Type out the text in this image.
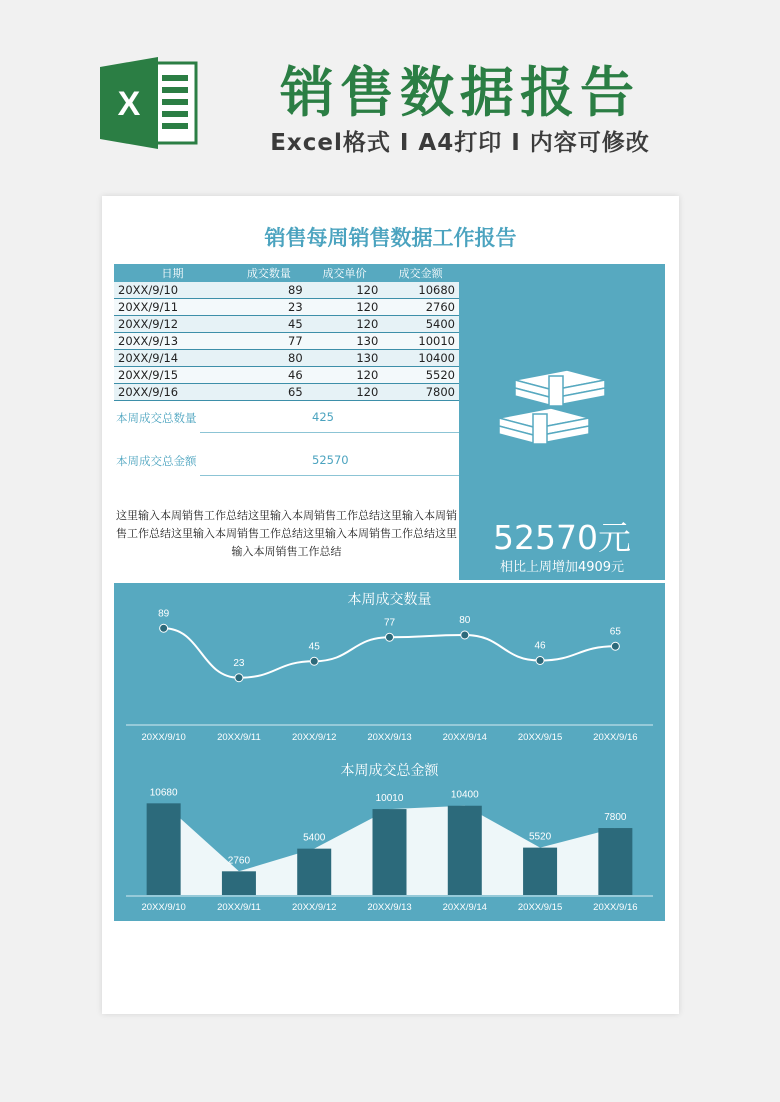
X	销售数据报告
Excel格式 I A4打印 I 内容可修改
销售每周销售数据工作报告
日期	成交数量	成交单价	成交金额
20XX/9/10	89	120	10680
20XX/9/11	23	120	2760
20XX/9/12	45	120	5400
20XX/9/13	77	130	10010
20XX/9/14	80	130	10400
20XX/9/15	46	120	5520
20XX/9/16	65	120	7800
本周成交总数量	425
本周成交总金额	52570
这里输入本周销售工作总结这里输入本周销售工作总结这里输入本周销售工作总结这里输入本周销售工作总结这里输入本周销售工作总结这里输入本周销售工作总结	52570元
相比上周增加4909元
本周成交数量
89
20XX/9/10
23
20XX/9/11
45
20XX/9/12
77
20XX/9/13
80
20XX/9/14
46
20XX/9/15
65
20XX/9/16
本周成交总金额
10680
20XX/9/10
2760
20XX/9/11
5400
20XX/9/12
10010
20XX/9/13
10400
20XX/9/14
5520
20XX/9/15
7800
20XX/9/16
